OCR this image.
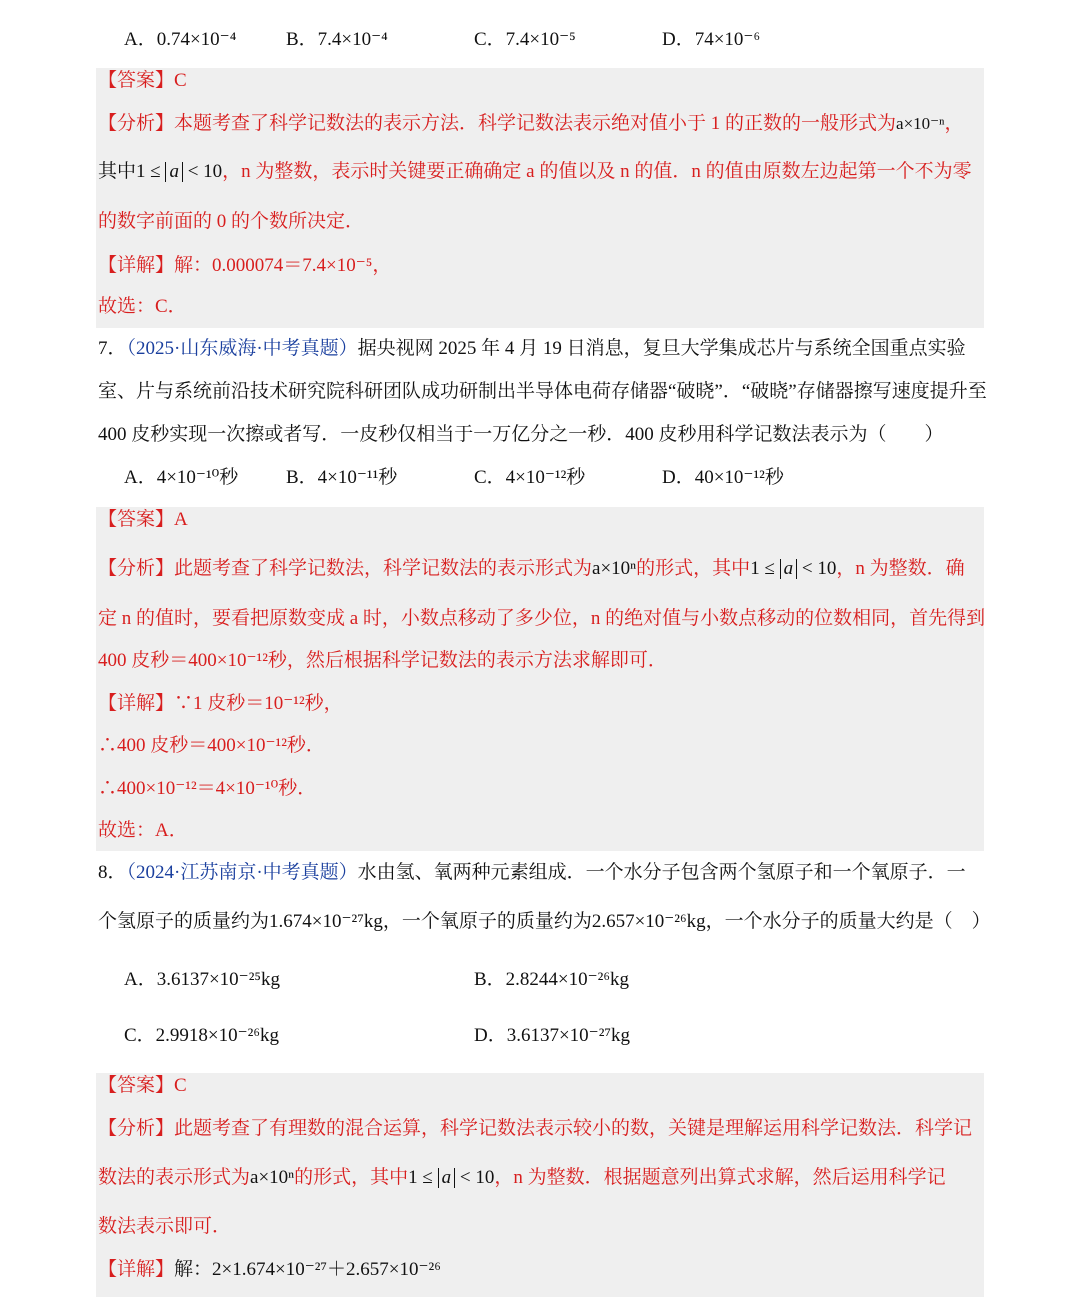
A．0.74×10⁻⁴	B．7.4×10⁻⁴	C．7.4×10⁻⁵	D．74×10⁻⁶
【答案】C
【分析】本题考查了科学记数法的表示方法．科学记数法表示绝对值小于 1 的正数的一般形式为a×10⁻ⁿ，
其中1 ≤ a < 10，n 为整数，表示时关键要正确确定 a 的值以及 n 的值．n 的值由原数左边起第一个不为零
的数字前面的 0 的个数所决定．
【详解】解：0.000074＝7.4×10⁻⁵，
故选：C．
7．（2025·山东威海·中考真题）据央视网 2025 年 4 月 19 日消息，复旦大学集成芯片与系统全国重点实验
室、片与系统前沿技术研究院科研团队成功研制出半导体电荷存储器“破晓”．“破晓”存储器擦写速度提升至
400 皮秒实现一次擦或者写．一皮秒仅相当于一万亿分之一秒．400 皮秒用科学记数法表示为（　　）
A．4×10⁻¹⁰秒	B．4×10⁻¹¹秒	C．4×10⁻¹²秒	D．40×10⁻¹²秒
【答案】A
【分析】此题考查了科学记数法，科学记数法的表示形式为a×10ⁿ的形式，其中1 ≤ a < 10，n 为整数．确
定 n 的值时，要看把原数变成 a 时，小数点移动了多少位，n 的绝对值与小数点移动的位数相同，首先得到
400 皮秒＝400×10⁻¹²秒，然后根据科学记数法的表示方法求解即可．
【详解】∵1 皮秒＝10⁻¹²秒，
∴400 皮秒＝400×10⁻¹²秒．
∴400×10⁻¹²＝4×10⁻¹⁰秒．
故选：A．
8．（2024·江苏南京·中考真题）水由氢、氧两种元素组成．一个水分子包含两个氢原子和一个氧原子．一
个氢原子的质量约为1.674×10⁻²⁷kg，一个氧原子的质量约为2.657×10⁻²⁶kg，一个水分子的质量大约是（　）
A．3.6137×10⁻²⁵kg	B．2.8244×10⁻²⁶kg
C．2.9918×10⁻²⁶kg	D．3.6137×10⁻²⁷kg
【答案】C
【分析】此题考查了有理数的混合运算，科学记数法表示较小的数，关键是理解运用科学记数法．科学记
数法的表示形式为a×10ⁿ的形式，其中1 ≤ a < 10，n 为整数．根据题意列出算式求解，然后运用科学记
数法表示即可．
【详解】解：2×1.674×10⁻²⁷＋2.657×10⁻²⁶
